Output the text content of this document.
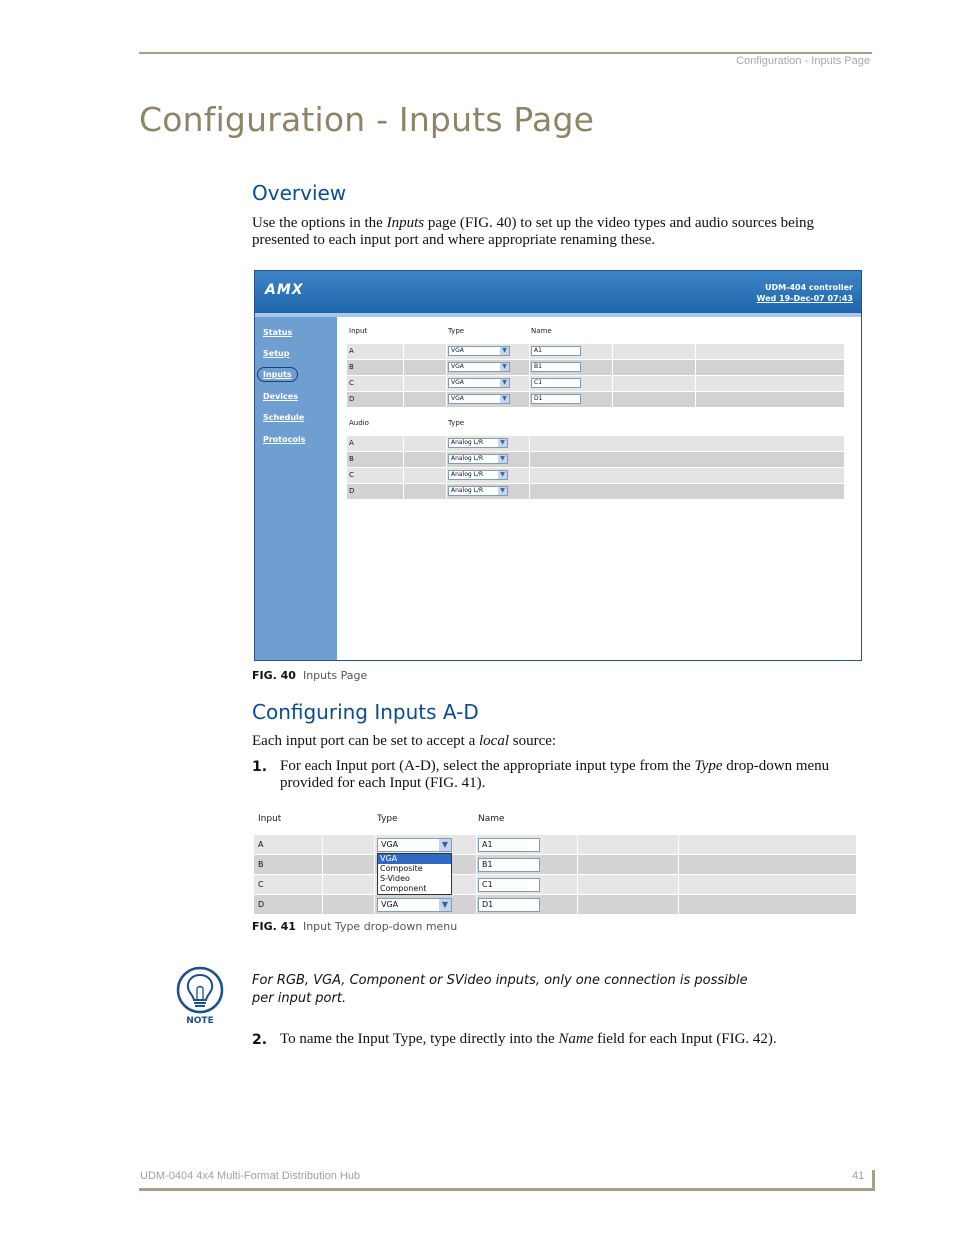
Configuration - Inputs Page
Configuration - Inputs Page
Overview
Use the options in the Inputs page (FIG. 40) to set up the video types and audio sources being presented to each input port and where appropriate renaming these.
AMX	UDM-404 controller
Wed 19-Dec-07 07:43
Status
Setup
Inputs
Devices
Schedule
Protocols
Input	Type	Name
A	VGA	▼	A1
B	VGA	▼	B1
C	VGA	▼	C1
D	VGA	▼	D1
Audio	Type
A	Analog L/R	▼
B	Analog L/R	▼
C	Analog L/R	▼
D	Analog L/R	▼
FIG. 40 Inputs Page
Configuring Inputs A-D
Each input port can be set to accept a local source:
1. For each Input port (A-D), select the appropriate input type from the Type drop-down menu provided for each Input (FIG. 41).
Input	Type	Name
A	VGA	▼	A1
B	B1
C	C1
D	VGA	▼	D1
VGA
Composite
S-Video
Component
FIG. 41 Input Type drop-down menu
NOTE
For RGB, VGA, Component or SVideo inputs, only one connection is possible per input port.
2. To name the Input Type, type directly into the Name field for each Input (FIG. 42).
UDM-0404 4x4 Multi-Format Distribution Hub	41
